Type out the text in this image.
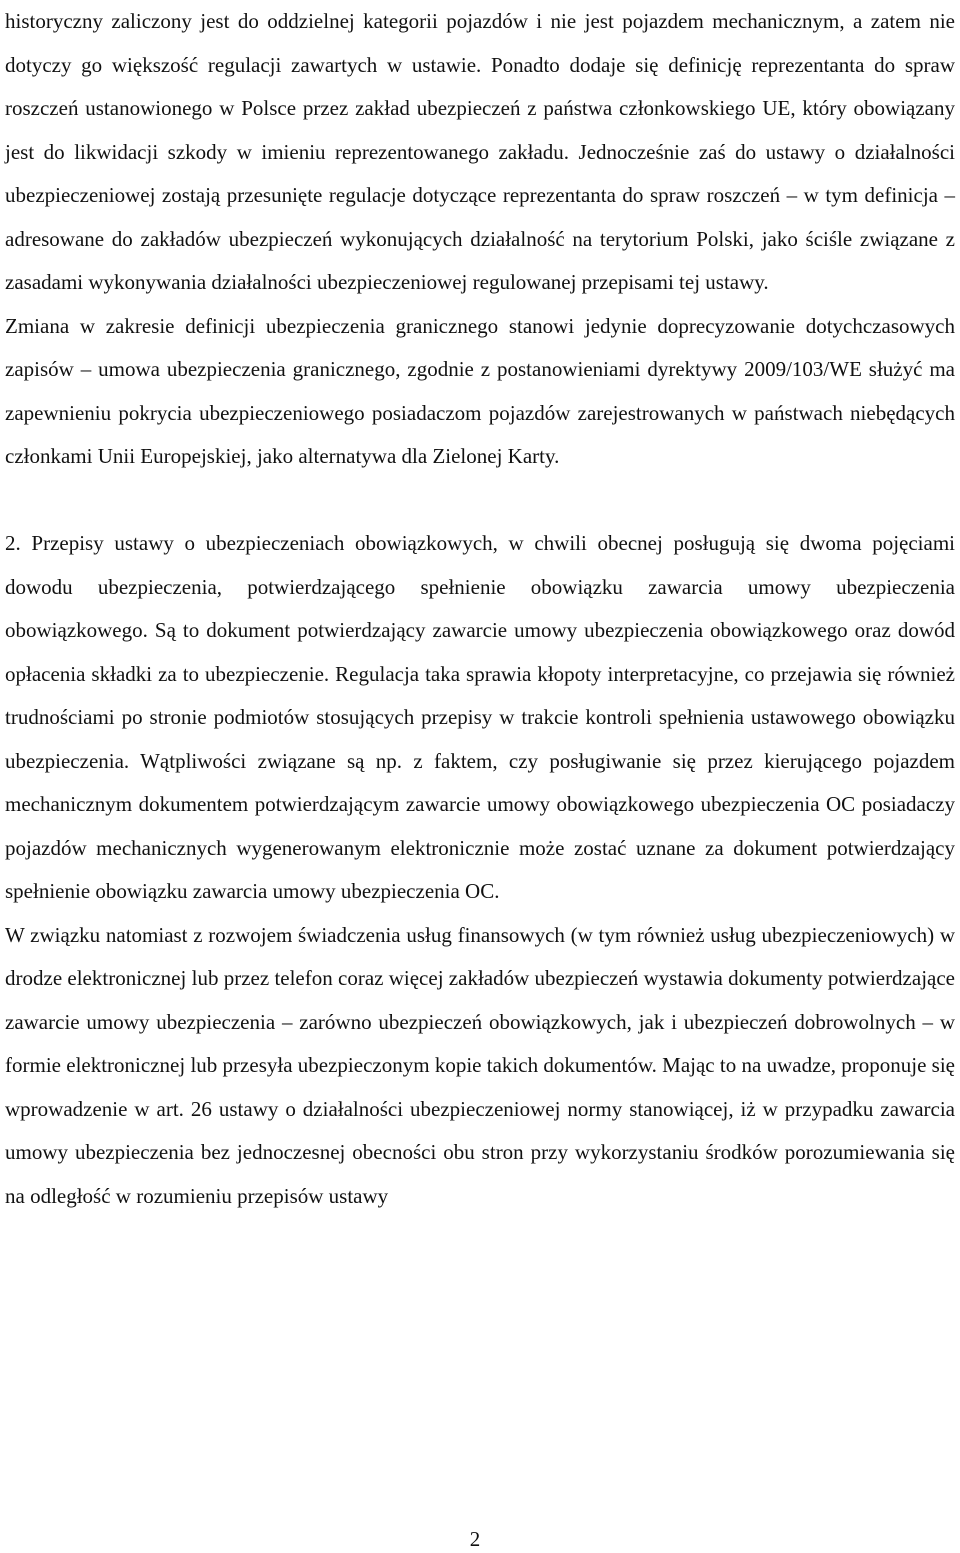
historyczny zaliczony jest do oddzielnej kategorii pojazdów i nie jest pojazdem mechanicznym, a zatem nie dotyczy go większość regulacji zawartych w ustawie. Ponadto dodaje się definicję reprezentanta do spraw roszczeń ustanowionego w Polsce przez zakład ubezpieczeń z państwa członkowskiego UE, który obowiązany jest do likwidacji szkody w imieniu reprezentowanego zakładu. Jednocześnie zaś do ustawy o działalności ubezpieczeniowej zostają przesunięte regulacje dotyczące reprezentanta do spraw roszczeń – w tym definicja – adresowane do zakładów ubezpieczeń wykonujących działalność na terytorium Polski, jako ściśle związane z zasadami wykonywania działalności ubezpieczeniowej regulowanej przepisami tej ustawy.

Zmiana w zakresie definicji ubezpieczenia granicznego stanowi jedynie doprecyzowanie dotychczasowych zapisów – umowa ubezpieczenia granicznego, zgodnie z postanowieniami dyrektywy 2009/103/WE służyć ma zapewnieniu pokrycia ubezpieczeniowego posiadaczom pojazdów zarejestrowanych w państwach niebędących członkami Unii Europejskiej, jako alternatywa dla Zielonej Karty.

2. Przepisy ustawy o ubezpieczeniach obowiązkowych, w chwili obecnej posługują się dwoma pojęciami dowodu ubezpieczenia, potwierdzającego spełnienie obowiązku zawarcia umowy ubezpieczenia obowiązkowego. Są to dokument potwierdzający zawarcie umowy ubezpieczenia obowiązkowego oraz dowód opłacenia składki za to ubezpieczenie. Regulacja taka sprawia kłopoty interpretacyjne, co przejawia się również trudnościami po stronie podmiotów stosujących przepisy w trakcie kontroli spełnienia ustawowego obowiązku ubezpieczenia. Wątpliwości związane są np. z faktem, czy posługiwanie się przez kierującego pojazdem mechanicznym dokumentem potwierdzającym zawarcie umowy obowiązkowego ubezpieczenia OC posiadaczy pojazdów mechanicznych wygenerowanym elektronicznie może zostać uznane za dokument potwierdzający spełnienie obowiązku zawarcia umowy ubezpieczenia OC.

W związku natomiast z rozwojem świadczenia usług finansowych (w tym również usług ubezpieczeniowych) w drodze elektronicznej lub przez telefon coraz więcej zakładów ubezpieczeń wystawia dokumenty potwierdzające zawarcie umowy ubezpieczenia – zarówno ubezpieczeń obowiązkowych, jak i ubezpieczeń dobrowolnych – w formie elektronicznej lub przesyła ubezpieczonym kopie takich dokumentów. Mając to na uwadze, proponuje się wprowadzenie w art. 26 ustawy o działalności ubezpieczeniowej normy stanowiącej, iż w przypadku zawarcia umowy ubezpieczenia bez jednoczesnej obecności obu stron przy wykorzystaniu środków porozumiewania się na odległość w rozumieniu przepisów ustawy

2
